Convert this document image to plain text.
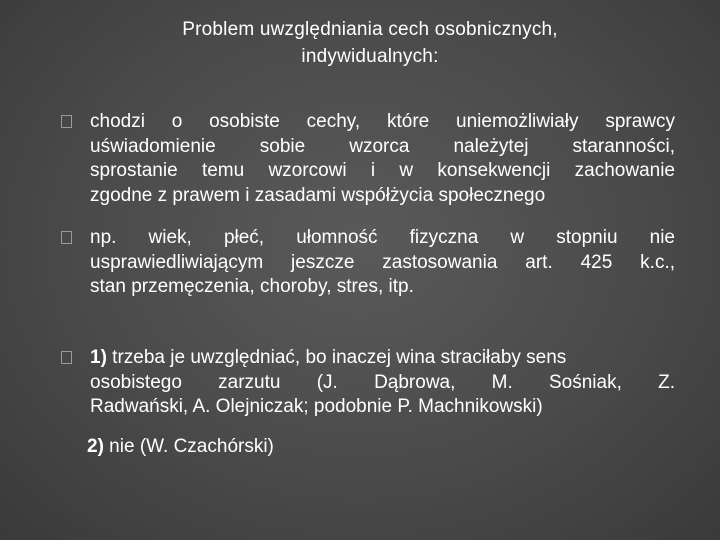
Problem uwzględniania cech osobnicznych,
indywidualnych:
chodzi o osobiste cechy, które uniemożliwiały sprawcy
uświadomienie sobie wzorca należytej staranności,
sprostanie temu wzorcowi i w konsekwencji zachowanie
zgodne z prawem i zasadami współżycia społecznego
np. wiek, płeć, ułomność fizyczna w stopniu nie
usprawiedliwiającym jeszcze zastosowania art. 425 k.c.,
stan przemęczenia, choroby, stres, itp.
1) trzeba je uwzględniać, bo inaczej wina straciłaby sens
osobistego zarzutu (J. Dąbrowa, M. Sośniak, Z.
Radwański, A. Olejniczak; podobnie P. Machnikowski)
2) nie (W. Czachórski)
